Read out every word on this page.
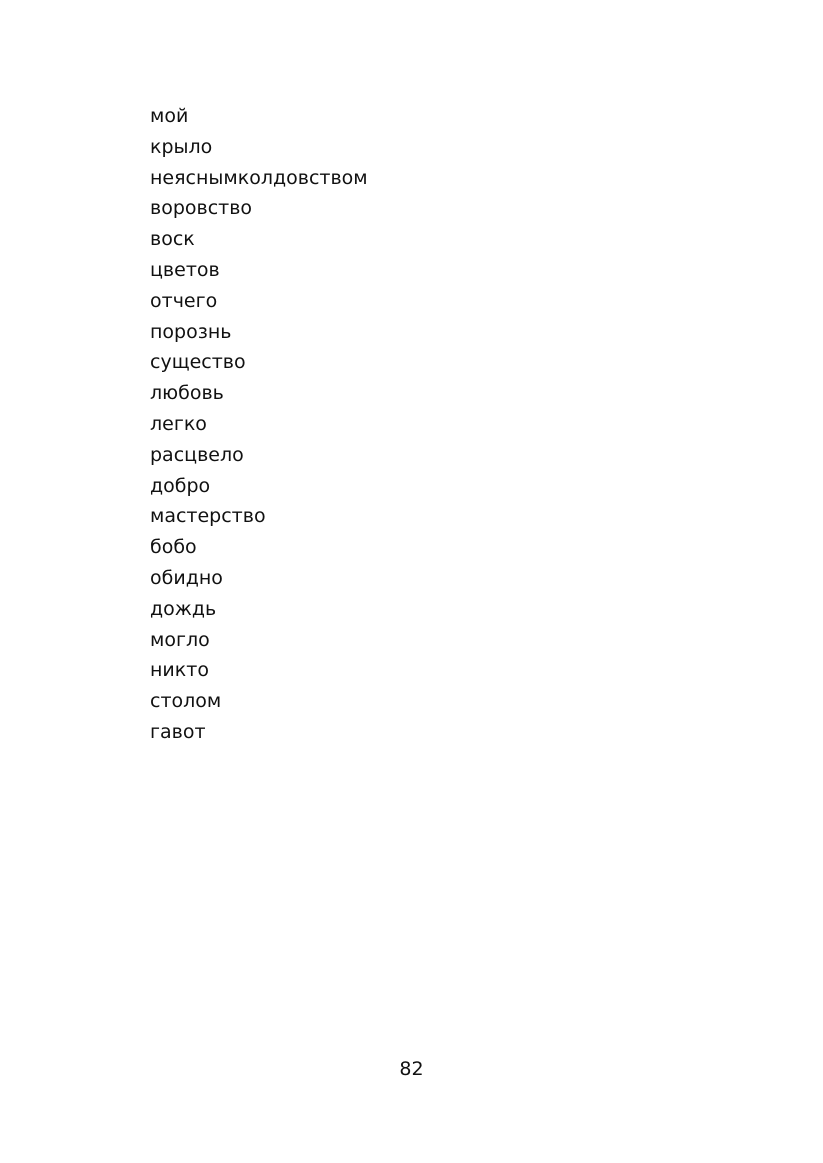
мой
крыло
неяснымколдовством
воровство
воск
цветов
отчего
порознь
существо
любовь
легко
расцвело
добро
мастерство
бобо
обидно
дождь
могло
никто
столом
гавот
82
